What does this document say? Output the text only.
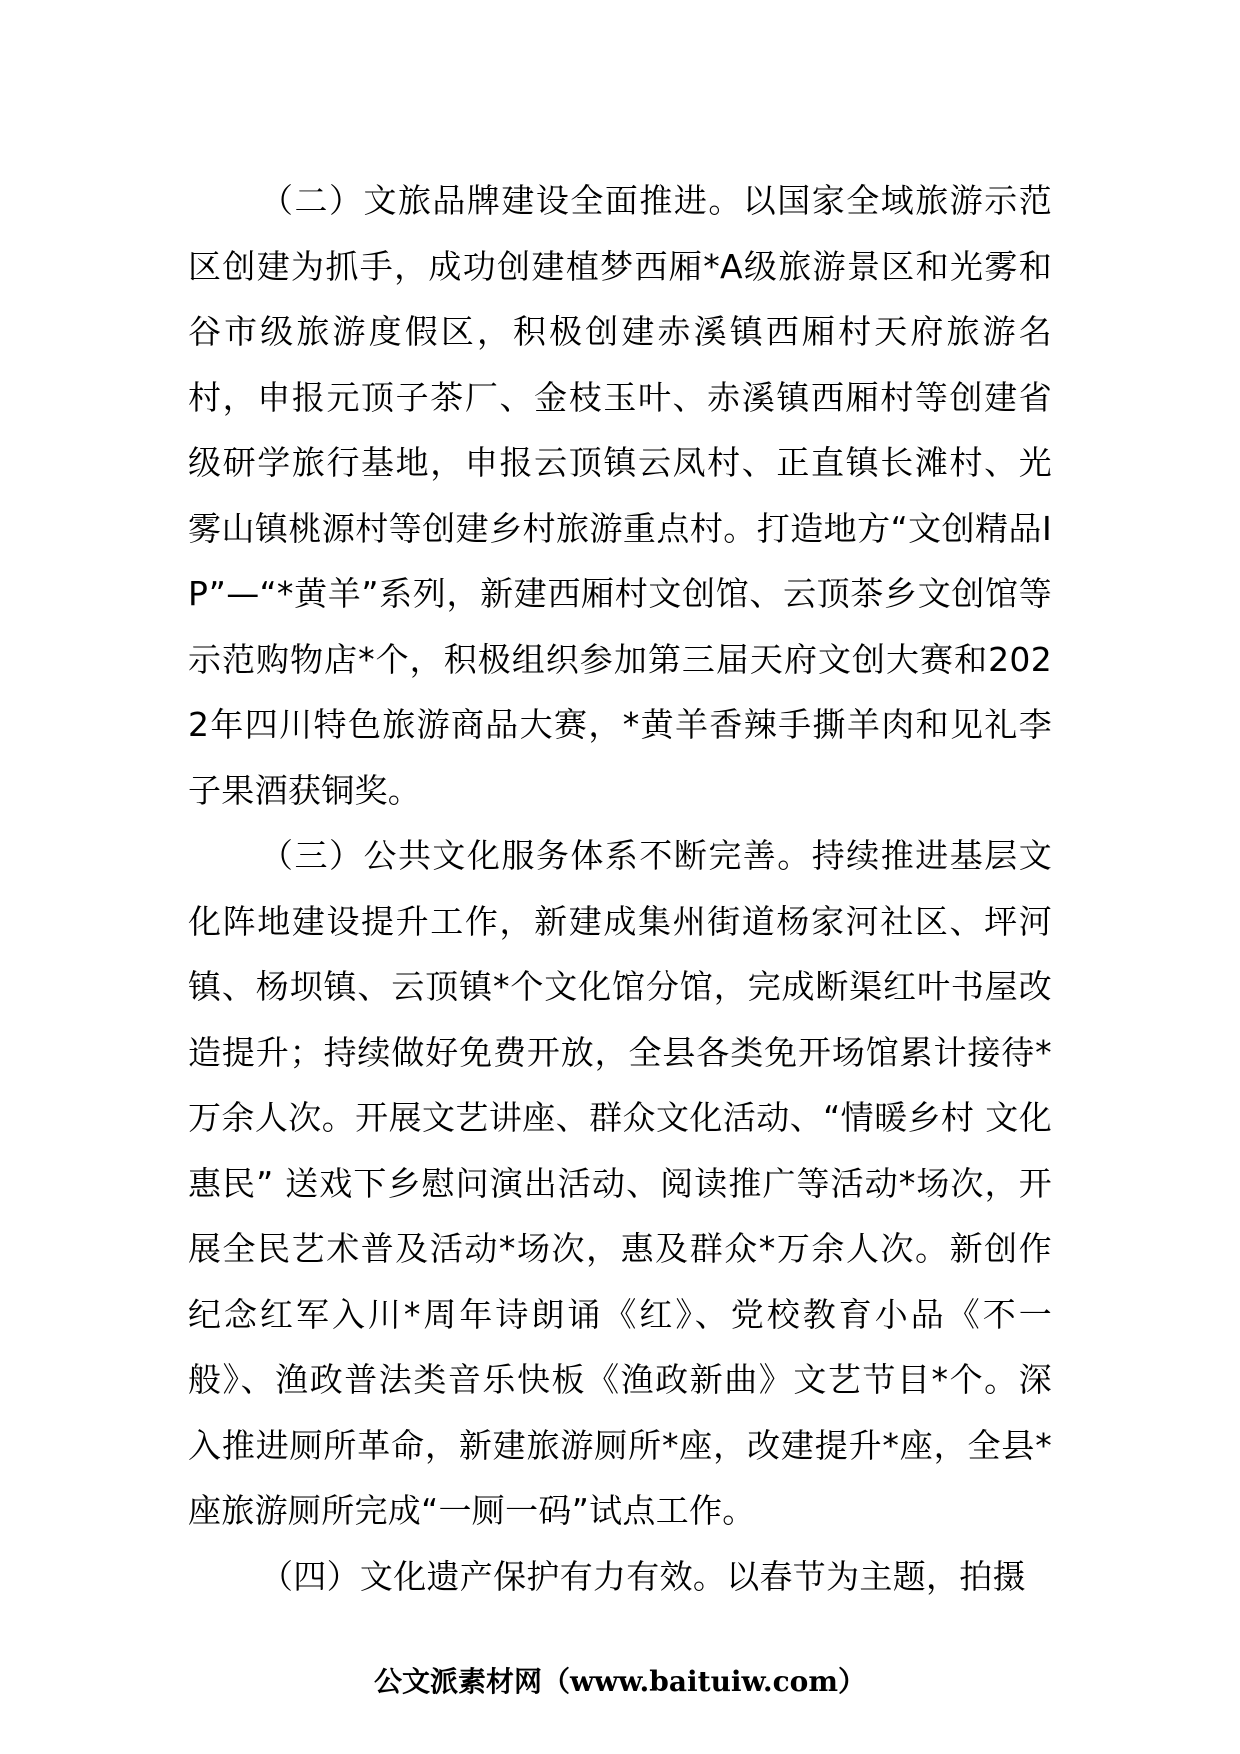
（二）文旅品牌建设全面推进。以国家全域旅游示范区创建为抓手，成功创建植梦西厢*A级旅游景区和光雾和谷市级旅游度假区，积极创建赤溪镇西厢村天府旅游名村，申报元顶子茶厂、金枝玉叶、赤溪镇西厢村等创建省级研学旅行基地，申报云顶镇云凤村、正直镇长滩村、光雾山镇桃源村等创建乡村旅游重点村。打造地方“文创精品IP”—“*黄羊”系列，新建西厢村文创馆、云顶茶乡文创馆等示范购物店*个，积极组织参加第三届天府文创大赛和2022年四川特色旅游商品大赛，*黄羊香辣手撕羊肉和见礼李子果酒获铜奖。

（三）公共文化服务体系不断完善。持续推进基层文化阵地建设提升工作，新建成集州街道杨家河社区、坪河镇、杨坝镇、云顶镇*个文化馆分馆，完成断渠红叶书屋改造提升；持续做好免费开放，全县各类免开场馆累计接待*万余人次。开展文艺讲座、群众文化活动、“情暖乡村 文化惠民” 送戏下乡慰问演出活动、阅读推广等活动*场次，开展全民艺术普及活动*场次，惠及群众*万余人次。新创作纪念红军入川*周年诗朗诵《红》、党校教育小品《不一般》、渔政普法类音乐快板《渔政新曲》文艺节目*个。深入推进厕所革命，新建旅游厕所*座，改建提升*座，全县*座旅游厕所完成“一厕一码”试点工作。

（四）文化遗产保护有力有效。以春节为主题，拍摄

公文派素材网（www.baituiw.com）
